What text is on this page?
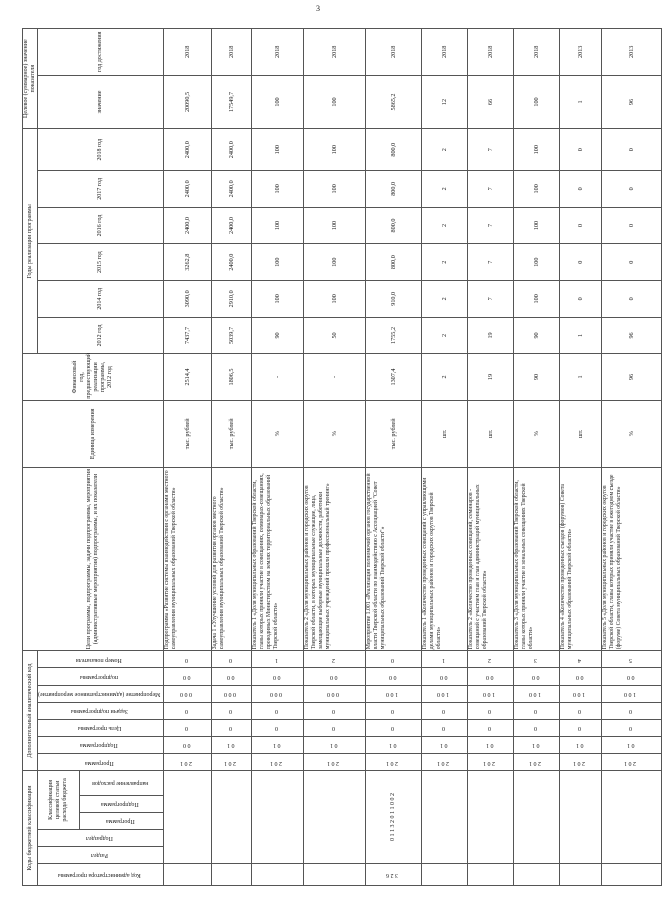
3
Коды бюджетной классификации						Дополнительный аналитический код							Цели программы, подпрограммы, задачи подпрограммы, мероприятия (административные мероприятия) подпрограммы, и их показатели	Единица измерения	Финансовый год, предшествующий реализации программы, 2012 год	Годы реализации программы						Целевое (суммарное) значение показателя	
Код администратора программы	Раздел	Подраздел	Классификация целевой статьи расхода бюджета			Программа	Подпрограмма	Цель программы	Задачи подпрограммы	Мероприятие (административное мероприятие)	подпрограммы	Номер показателя				2012 год	2014 год	2015 год	2016 год	2017 год	2018 год	значение	год достижения
			Программа	Подпрограмма	направление расходов																		
						2 0 1	0 0	0	0	0 0 0	0 0	0	Подпрограмма «Развитие системы взаимодействия с органами местного самоуправления муниципальных образований Тверской области»	тыс. рублей	2514,4	7437,7	3090,0	3262,8	2400,0	2400,0	2400,0	20090,5	2018
						2 0 1	0 1	0	0	0 0 0	0 0	0	Задача 1 «Улучшение условий для развития органов местного самоуправления муниципальных образований Тверской области»	тыс. рублей	1806,5	5039,7	2910,0	2400,0	2400,0	2400,0	2400,0	17549,7	2018
						2 0 1	0 1	0	0	0 0 0	0 0	1	Показатель 1 «Доля муниципальных образований Тверской области, главы которых приняли участие в совещаниях, семинарах-совещаниях, проводимых Министерством на землях территориальных образований Тверской области»	%	-	90	100	100	100	100	100	100	2018
						2 0 1	0 1	0	0	0 0 0	0 0	2	Показатель 2 «Доля муниципальных районов и городских округов Тверской области, в которых муниципальные служащие, лица, замещающие выборные муниципальные должности, работники муниципальных учреждений прошли профессиональный тренинг»	%	-	50	100	100	100	100	100	100	2018
3 2 6	0 1 1 3 2 0 1 1 0 0 2					2 0 1	0 1	0	0	1 0 0	0 0	0	Мероприятие 1.001 «Реализация полномочий органов государственной власти Тверской области по взаимодействию с Ассоциацией "Совет муниципальных образований Тверской области"»	тыс. рублей	1307,4	1755,2	910,0	800,0	800,0	800,0	800,0	5865,2	2018
						2 0 1	0 1	0	0	1 0 0	0 0	1	Показатель 1 «Количество проведенных совещаний с управляющими делами муниципальных районов и городских округов Тверской области»	шт.	2	2	2	2	2	2	2	12	2018
						2 0 1	0 1	0	0	1 0 0	0 0	2	Показатель 2 «Количество проведенных совещаний, семинаров - совещаний с участием глав и глав администраций муниципальных образований Тверской области»	шт.	19	19	7	7	7	7	7	66	2018
						2 0 1	0 1	0	0	1 0 0	0 0	3	Показатель 3 «Доля муниципальных образований Тверской области, главы которых приняли участие в зональных совещаниях Тверской области»	%	90	90	100	100	100	100	100	100	2018
						2 0 1	0 1	0	0	1 0 0	0 0	4	Показатель 4 «Количество проведенных съездов (форумов) Совета муниципальных образований Тверской области»	шт.	1	1	0	0	0	0	0	1	2013
						2 0 1	0 1	0	0	1 0 0	0 0	5	Показатель 5 «Доля муниципальных районов и городских округов Тверской области, главы которых приняли участие в ежегодном съезде (форуме) Совета муниципальных образований Тверской области»	%	96	96	0	0	0	0	0	96	2013
